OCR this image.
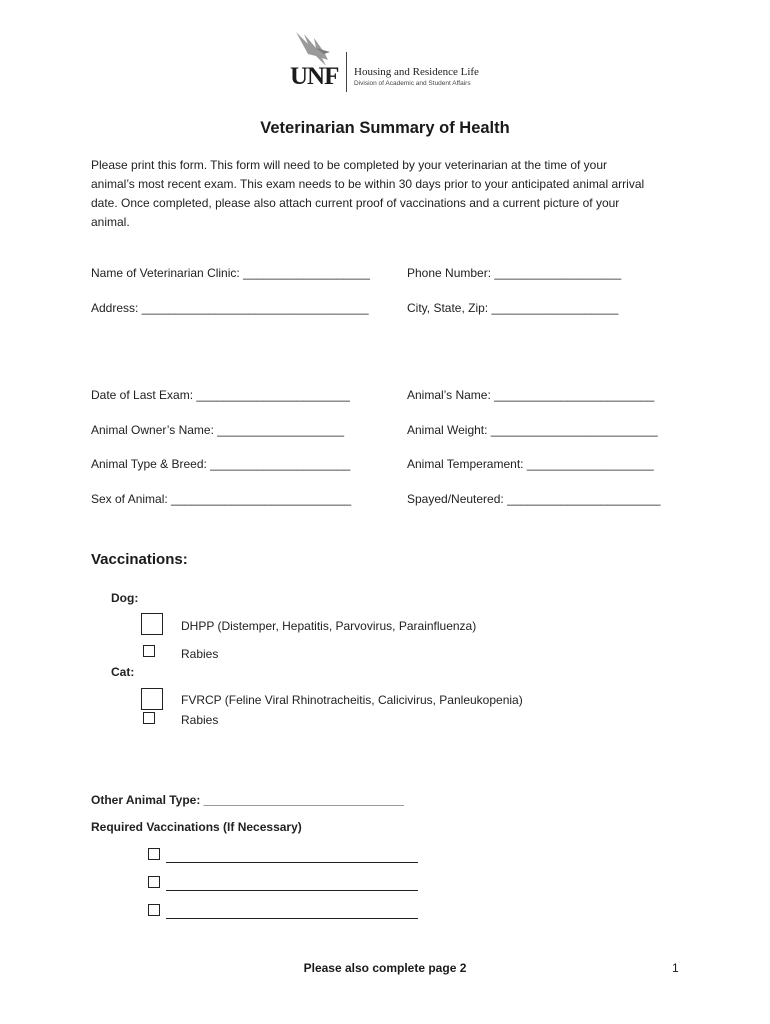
UNF Housing and Residence Life
Division of Academic and Student Affairs
Veterinarian Summary of Health
Please print this form. This form will need to be completed by your veterinarian at the time of your animal’s most recent exam. This exam needs to be within 30 days prior to your anticipated animal arrival date. Once completed, please also attach current proof of vaccinations and a current picture of your animal.
Name of Veterinarian Clinic: ___________________	Phone Number: ___________________
Address: __________________________________	City, State, Zip: ___________________
Date of Last Exam: _______________________	Animal’s Name: ________________________
Animal Owner’s Name: ___________________	Animal Weight: _________________________
Animal Type & Breed: _____________________	Animal Temperament: ___________________
Sex of Animal: ___________________________	Spayed/Neutered: _______________________
Vaccinations:
Dog:
DHPP (Distemper, Hepatitis, Parvovirus, Parainfluenza)
Rabies
Cat:
FVRCP (Feline Viral Rhinotracheitis, Calicivirus, Panleukopenia)
Rabies
Other Animal Type: ______________________________
Required Vaccinations (If Necessary)
Please also complete page 2	1
